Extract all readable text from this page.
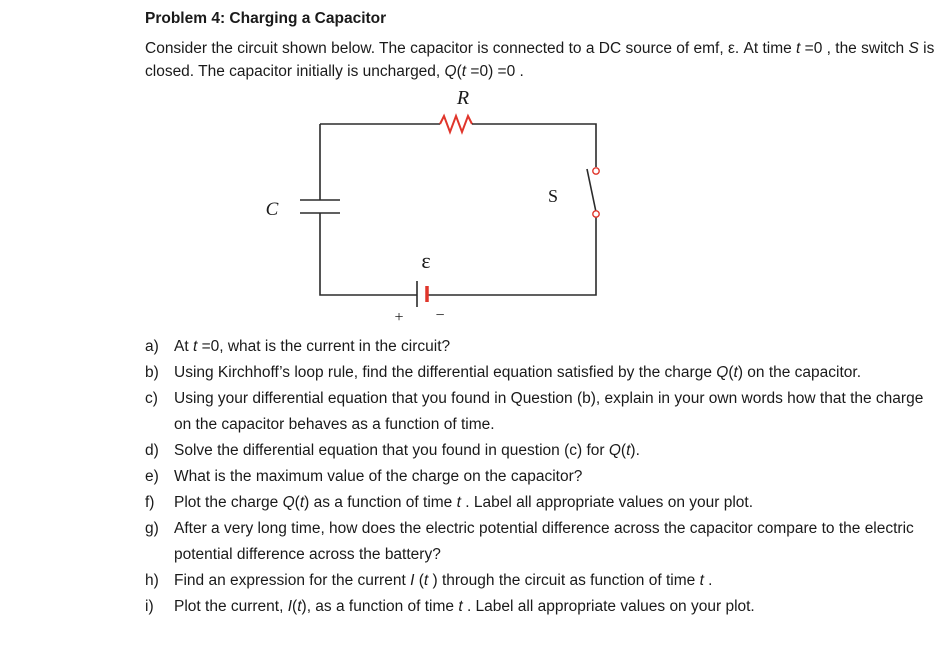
Problem 4: Charging a Capacitor
Consider the circuit shown below. The capacitor is connected to a DC source of emf, ε. At time t =0 , the switch S is closed. The capacitor initially is uncharged, Q(t =0) =0 .
R
C
S
ε
+ −
a) At t =0, what is the current in the circuit?
b) Using Kirchhoff’s loop rule, find the differential equation satisfied by the charge Q(t) on the capacitor.
c) Using your differential equation that you found in Question (b), explain in your own words how that the charge on the capacitor behaves as a function of time.
d) Solve the differential equation that you found in question (c) for Q(t).
e) What is the maximum value of the charge on the capacitor?
f) Plot the charge Q(t) as a function of time t . Label all appropriate values on your plot.
g) After a very long time, how does the electric potential difference across the capacitor compare to the electric potential difference across the battery?
h) Find an expression for the current I (t ) through the circuit as function of time t .
i) Plot the current, I(t), as a function of time t . Label all appropriate values on your plot.
